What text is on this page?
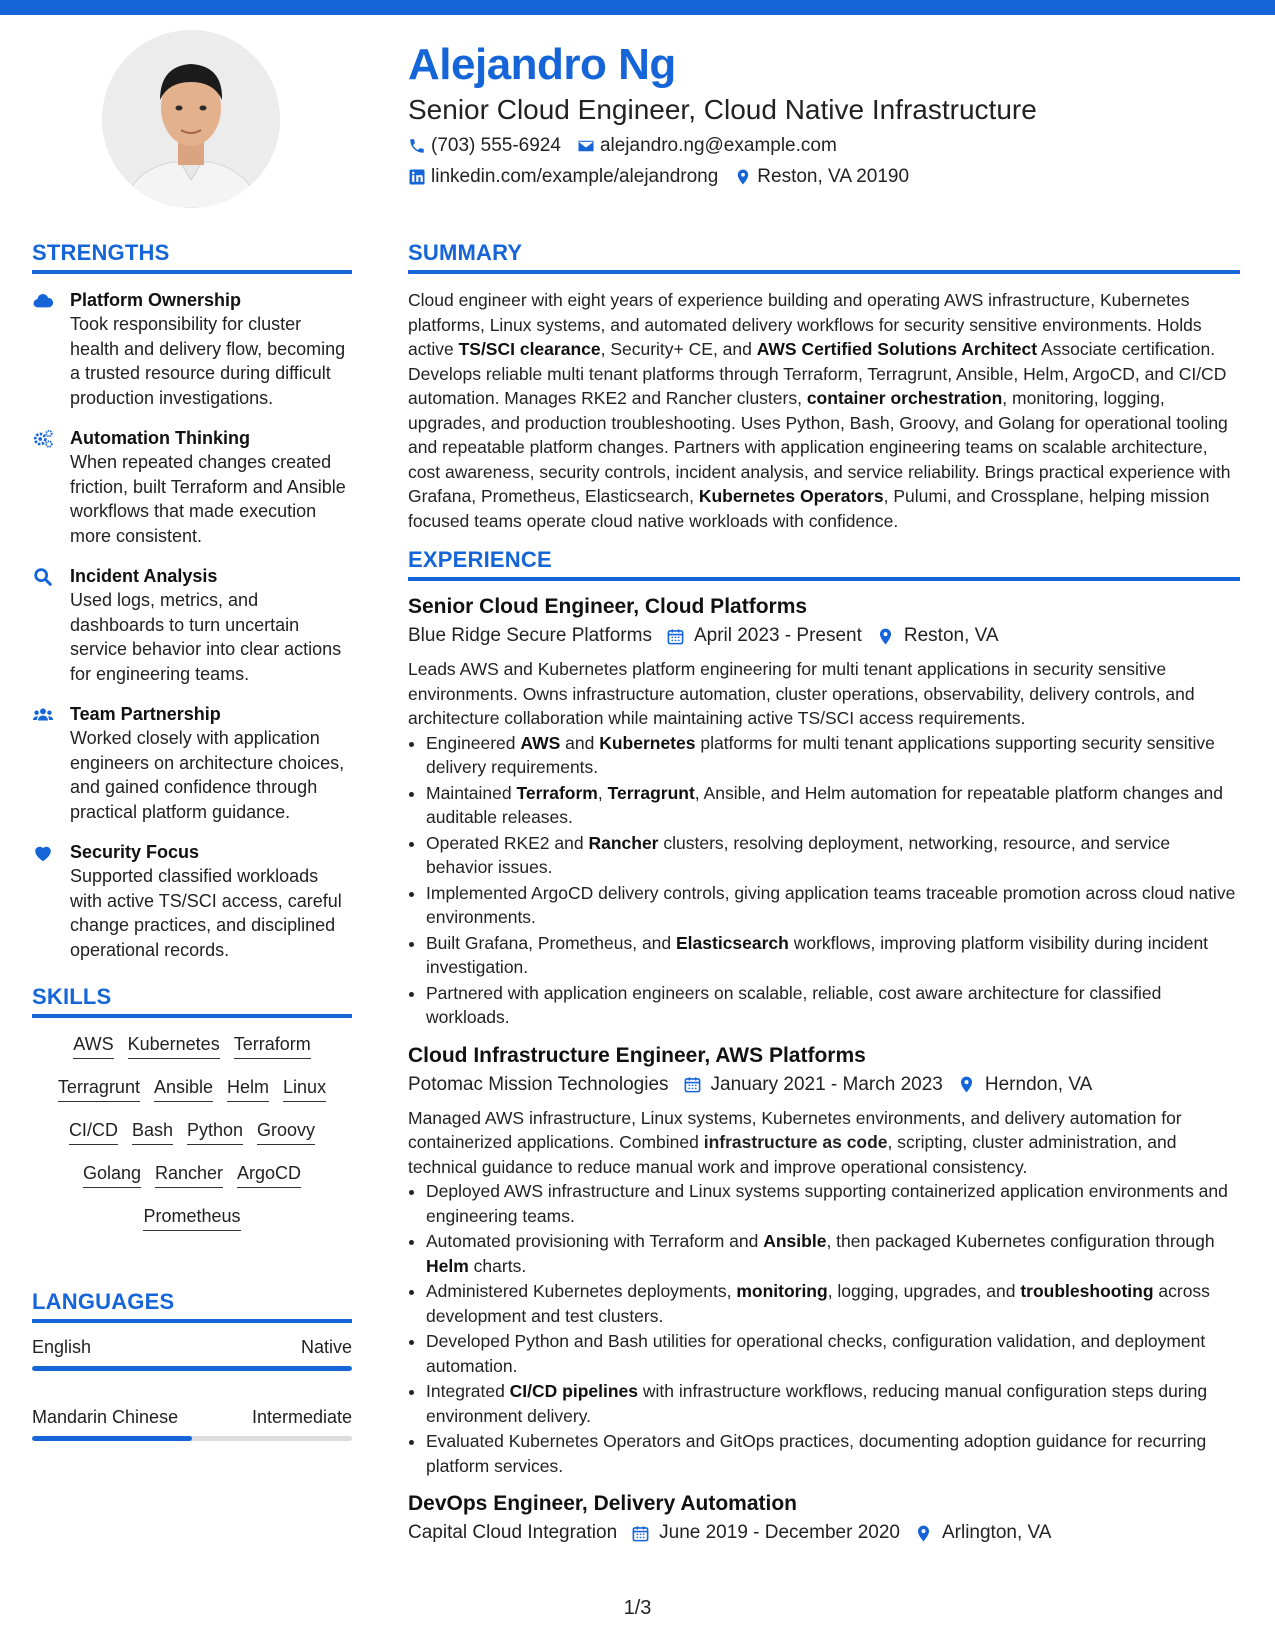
Alejandro Ng
Senior Cloud Engineer, Cloud Native Infrastructure
(703) 555-6924 alejandro.ng@example.com
linkedin.com/example/alejandrong Reston, VA 20190
STRENGTHS
Platform Ownership
Took responsibility for cluster health and delivery flow, becoming a trusted resource during difficult production investigations.
Automation Thinking
When repeated changes created friction, built Terraform and Ansible workflows that made execution more consistent.
Incident Analysis
Used logs, metrics, and dashboards to turn uncertain service behavior into clear actions for engineering teams.
Team Partnership
Worked closely with application engineers on architecture choices, and gained confidence through practical platform guidance.
Security Focus
Supported classified workloads with active TS/SCI access, careful change practices, and disciplined operational records.
SKILLS
AWS Kubernetes Terraform
Terragrunt Ansible Helm Linux
CI/CD Bash Python Groovy
Golang Rancher ArgoCD
Prometheus
LANGUAGES
English	Native
Mandarin Chinese	Intermediate
SUMMARY
Cloud engineer with eight years of experience building and operating AWS infrastructure, Kubernetes platforms, Linux systems, and automated delivery workflows for security sensitive environments. Holds active TS/SCI clearance, Security+ CE, and AWS Certified Solutions Architect Associate certification. Develops reliable multi tenant platforms through Terraform, Terragrunt, Ansible, Helm, ArgoCD, and CI/CD automation. Manages RKE2 and Rancher clusters, container orchestration, monitoring, logging, upgrades, and production troubleshooting. Uses Python, Bash, Groovy, and Golang for operational tooling and repeatable platform changes. Partners with application engineering teams on scalable architecture, cost awareness, security controls, incident analysis, and service reliability. Brings practical experience with Grafana, Prometheus, Elasticsearch, Kubernetes Operators, Pulumi, and Crossplane, helping mission focused teams operate cloud native workloads with confidence.
EXPERIENCE
Senior Cloud Engineer, Cloud Platforms
Blue Ridge Secure Platforms April 2023 - Present Reston, VA
Leads AWS and Kubernetes platform engineering for multi tenant applications in security sensitive environments. Owns infrastructure automation, cluster operations, observability, delivery controls, and architecture collaboration while maintaining active TS/SCI access requirements.
• Engineered AWS and Kubernetes platforms for multi tenant applications supporting security sensitive delivery requirements.
• Maintained Terraform, Terragrunt, Ansible, and Helm automation for repeatable platform changes and auditable releases.
• Operated RKE2 and Rancher clusters, resolving deployment, networking, resource, and service behavior issues.
• Implemented ArgoCD delivery controls, giving application teams traceable promotion across cloud native environments.
• Built Grafana, Prometheus, and Elasticsearch workflows, improving platform visibility during incident investigation.
• Partnered with application engineers on scalable, reliable, cost aware architecture for classified workloads.
Cloud Infrastructure Engineer, AWS Platforms
Potomac Mission Technologies January 2021 - March 2023 Herndon, VA
Managed AWS infrastructure, Linux systems, Kubernetes environments, and delivery automation for containerized applications. Combined infrastructure as code, scripting, cluster administration, and technical guidance to reduce manual work and improve operational consistency.
• Deployed AWS infrastructure and Linux systems supporting containerized application environments and engineering teams.
• Automated provisioning with Terraform and Ansible, then packaged Kubernetes configuration through Helm charts.
• Administered Kubernetes deployments, monitoring, logging, upgrades, and troubleshooting across development and test clusters.
• Developed Python and Bash utilities for operational checks, configuration validation, and deployment automation.
• Integrated CI/CD pipelines with infrastructure workflows, reducing manual configuration steps during environment delivery.
• Evaluated Kubernetes Operators and GitOps practices, documenting adoption guidance for recurring platform services.
DevOps Engineer, Delivery Automation
Capital Cloud Integration June 2019 - December 2020 Arlington, VA
1/3
